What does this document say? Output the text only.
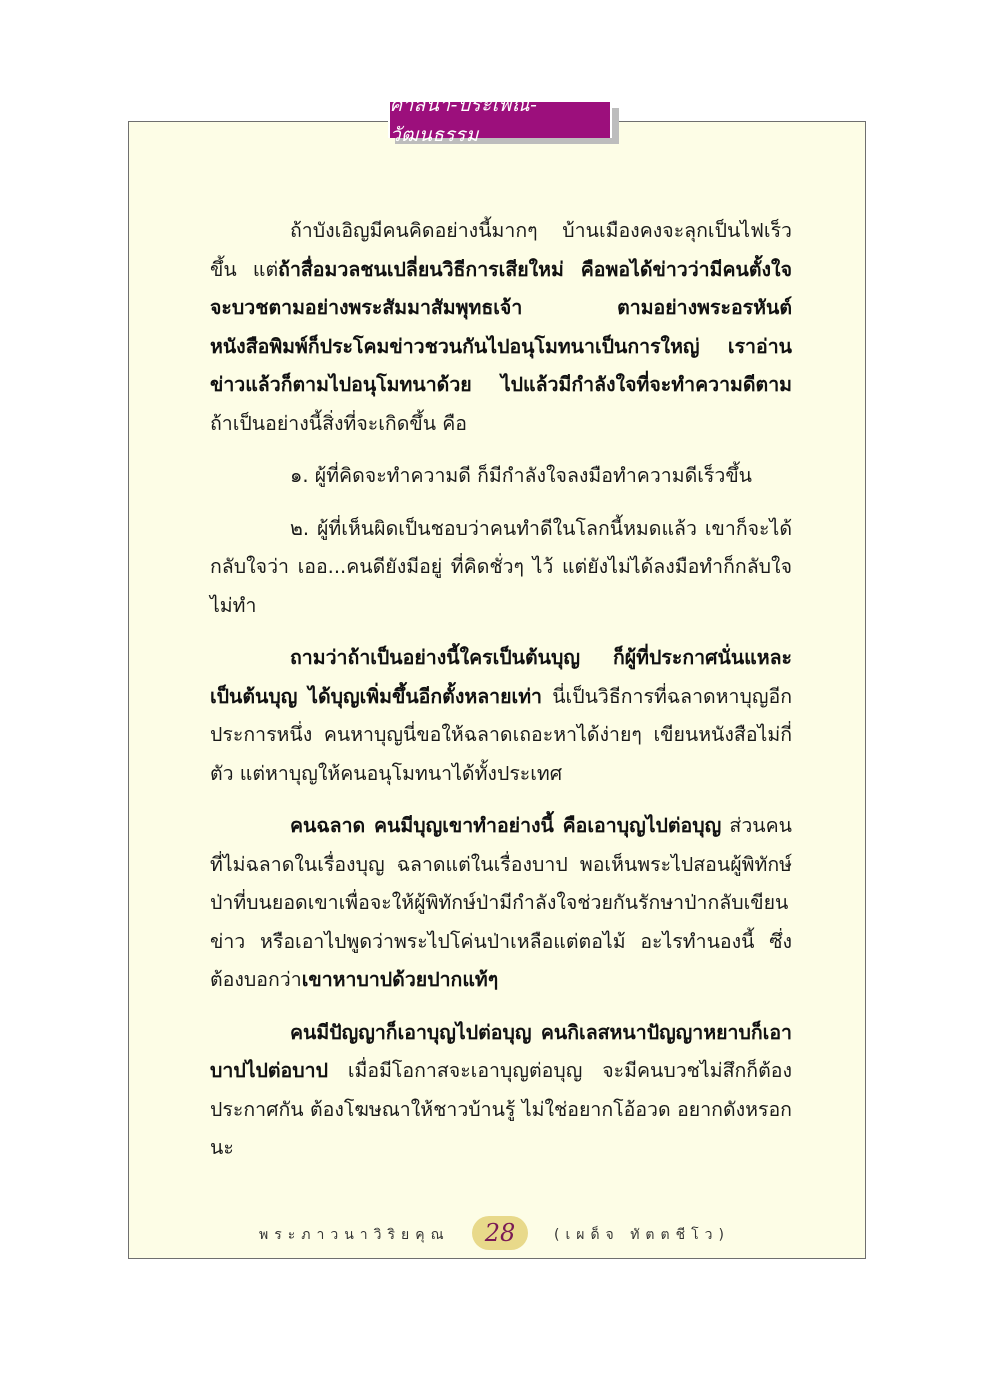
ศาสนา-ประเพณี-วัฒนธรรม

ถ้าบังเอิญมีคนคิดอย่างนี้มากๆ บ้านเมืองคงจะลุกเป็นไฟเร็วขึ้น แต่ถ้าสื่อมวลชนเปลี่ยนวิธีการเสียใหม่ คือพอได้ข่าวว่ามีคนตั้งใจจะบวชตามอย่างพระสัมมาสัมพุทธเจ้า ตามอย่างพระอรหันต์ หนังสือพิมพ์ก็ประโคมข่าวชวนกันไปอนุโมทนาเป็นการใหญ่ เราอ่านข่าวแล้วก็ตามไปอนุโมทนาด้วย ไปแล้วมีกำลังใจที่จะทำความดีตาม ถ้าเป็นอย่างนี้สิ่งที่จะเกิดขึ้น คือ

๑. ผู้ที่คิดจะทำความดี ก็มีกำลังใจลงมือทำความดีเร็วขึ้น

๒. ผู้ที่เห็นผิดเป็นชอบว่าคนทำดีในโลกนี้หมดแล้ว เขาก็จะได้กลับใจว่า เออ...คนดียังมีอยู่ ที่คิดชั่วๆ ไว้ แต่ยังไม่ได้ลงมือทำก็กลับใจไม่ทำ

ถามว่าถ้าเป็นอย่างนี้ใครเป็นต้นบุญ ก็ผู้ที่ประกาศนั่นแหละเป็นต้นบุญ ได้บุญเพิ่มขึ้นอีกตั้งหลายเท่า นี่เป็นวิธีการที่ฉลาดหาบุญอีกประการหนึ่ง คนหาบุญนี่ขอให้ฉลาดเถอะหาได้ง่ายๆ เขียนหนังสือไม่กี่ตัว แต่หาบุญให้คนอนุโมทนาได้ทั้งประเทศ

คนฉลาด คนมีบุญเขาทำอย่างนี้ คือเอาบุญไปต่อบุญ ส่วนคนที่ไม่ฉลาดในเรื่องบุญ ฉลาดแต่ในเรื่องบาป พอเห็นพระไปสอนผู้พิทักษ์ป่าที่บนยอดเขาเพื่อจะให้ผู้พิทักษ์ป่ามีกำลังใจช่วยกันรักษาป่ากลับเขียนข่าว หรือเอาไปพูดว่าพระไปโค่นป่าเหลือแต่ตอไม้ อะไรทำนองนี้ ซึ่งต้องบอกว่าเขาหาบาปด้วยปากแท้ๆ

คนมีปัญญาก็เอาบุญไปต่อบุญ คนกิเลสหนาปัญญาหยาบก็เอาบาปไปต่อบาป เมื่อมีโอกาสจะเอาบุญต่อบุญ จะมีคนบวชไม่สึกก็ต้องประกาศกัน ต้องโฆษณาให้ชาวบ้านรู้ ไม่ใช่อยากโอ้อวด อยากดังหรอกนะ

พระภาวนาวิริยคุณ 28	(เผด็จ ทัตตชีโว)
